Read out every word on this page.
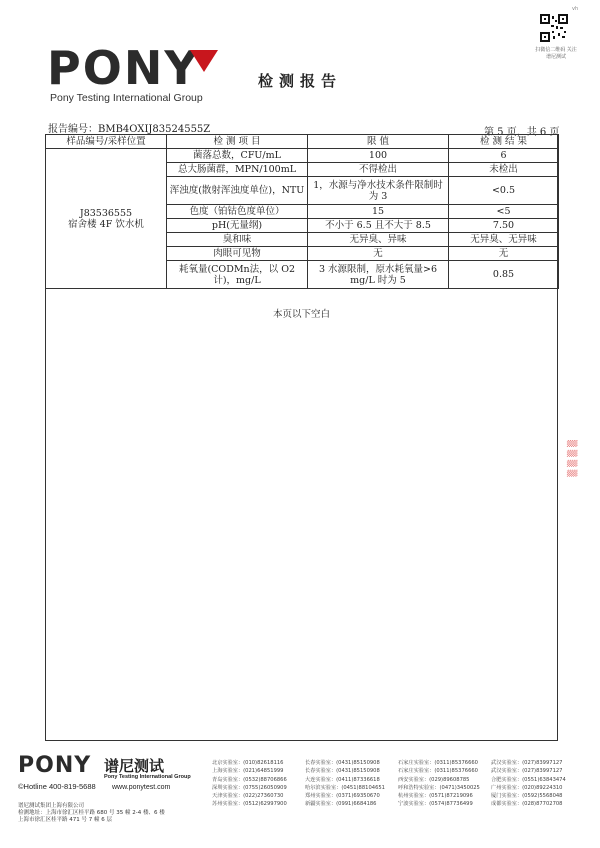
PONY
Pony Testing International Group
检测报告
扫微信二维码 关注谱尼测试
vh
报告编号：BMB4OXIJ83524555Z	第 5 页，共 6 页
样品编号/采样位置	检 测 项 目	限 值	检 测 结 果

J83536555
宿舍楼 4F 饮水机	菌落总数，CFU/mL	100	6
	总大肠菌群，MPN/100mL	不得检出	未检出
	浑浊度(散射浑浊度单位)，NTU	1，水源与净水技术条件限制时为 3	<0.5
	色度（铂钴色度单位）	15	<5
	pH(无量纲)	不小于 6.5 且不大于 8.5	7.50
	臭和味	无异臭、异味	无异臭、无异味
	肉眼可见物	无	无
	耗氧量(CODMn法，以 O2 计)，mg/L	3 水源限制，原水耗氧量>6 mg/L 时为 5	0.85
本页以下空白
▒▒▒▒
PONY 谱尼测试
Pony Testing International Group
©Hotline 400-819-5688 www.ponytest.com
谱尼测试集团上海有限公司
检测地址：上海市徐汇区桂平路 680 号 35 幢 2-4 楼、6 楼
上海市徐汇区桂平路 471 号 7 幢 6 层
北京实验室：(010)82618116	长春实验室：(0431)85150908	石家庄实验室：(0311)85376660	武汉实验室：(027)83997127
上海实验室：(021)64851999	长春实验室：(0431)85150908	石家庄实验室：(0311)85376660	武汉实验室：(027)83997127
青岛实验室：(0532)88706866	大连实验室：(0411)87336618	西安实验室：(029)89608785	合肥实验室：(0551)63843474
深圳实验室：(0755)26050909	哈尔滨实验室：(0451)88104651	呼和浩特实验室：(0471)3450025	广州实验室：(020)89224310
天津实验室：(022)27360730	郑州实验室：(0371)69350670	杭州实验室：(0571)87219096	厦门实验室：(0592)5568048
苏州实验室：(0512)62997900	新疆实验室：(0991)6684186	宁波实验室：(0574)87736499	成都实验室：(028)87702708
